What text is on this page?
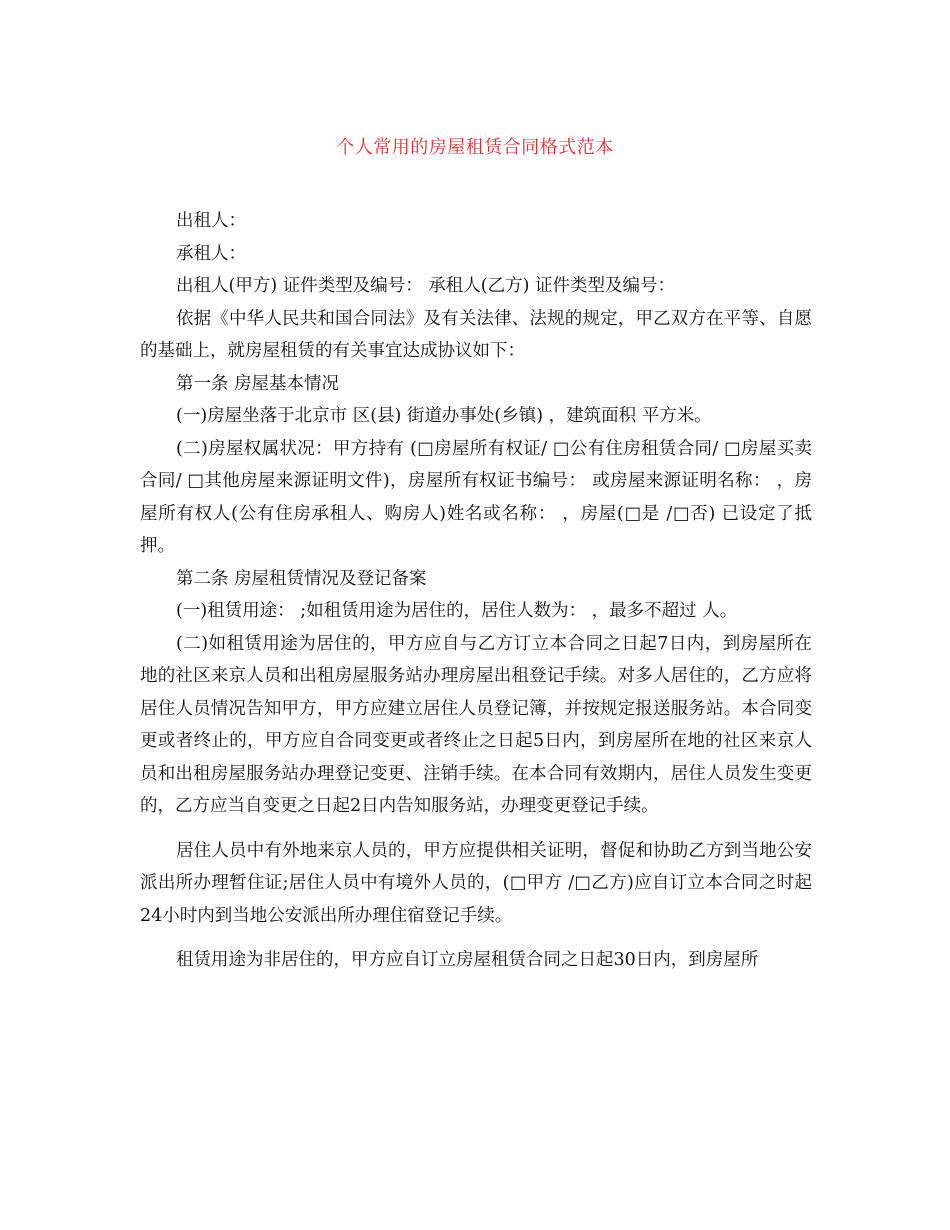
个人常用的房屋租赁合同格式范本

出租人：

承租人：

出租人(甲方) 证件类型及编号： 承租人(乙方) 证件类型及编号：

依据《中华人民共和国合同法》及有关法律、法规的规定，甲乙双方在平等、自愿的基础上，就房屋租赁的有关事宜达成协议如下：

第一条 房屋基本情况

(一)房屋坐落于北京市 区(县) 街道办事处(乡镇) ，建筑面积 平方米。

(二)房屋权属状况：甲方持有 (□房屋所有权证/ □公有住房租赁合同/ □房屋买卖合同/ □其他房屋来源证明文件)，房屋所有权证书编号： 或房屋来源证明名称： ，房屋所有权人(公有住房承租人、购房人)姓名或名称： ，房屋(□是 /□否) 已设定了抵押。

第二条 房屋租赁情况及登记备案

(一)租赁用途： ;如租赁用途为居住的，居住人数为： ，最多不超过 人。

(二)如租赁用途为居住的，甲方应自与乙方订立本合同之日起7日内，到房屋所在地的社区来京人员和出租房屋服务站办理房屋出租登记手续。对多人居住的，乙方应将居住人员情况告知甲方，甲方应建立居住人员登记簿，并按规定报送服务站。本合同变更或者终止的，甲方应自合同变更或者终止之日起5日内，到房屋所在地的社区来京人员和出租房屋服务站办理登记变更、注销手续。在本合同有效期内，居住人员发生变更的，乙方应当自变更之日起2日内告知服务站，办理变更登记手续。

居住人员中有外地来京人员的，甲方应提供相关证明，督促和协助乙方到当地公安派出所办理暂住证;居住人员中有境外人员的，(□甲方 /□乙方)应自订立本合同之时起24小时内到当地公安派出所办理住宿登记手续。

租赁用途为非居住的，甲方应自订立房屋租赁合同之日起30日内，到房屋所
